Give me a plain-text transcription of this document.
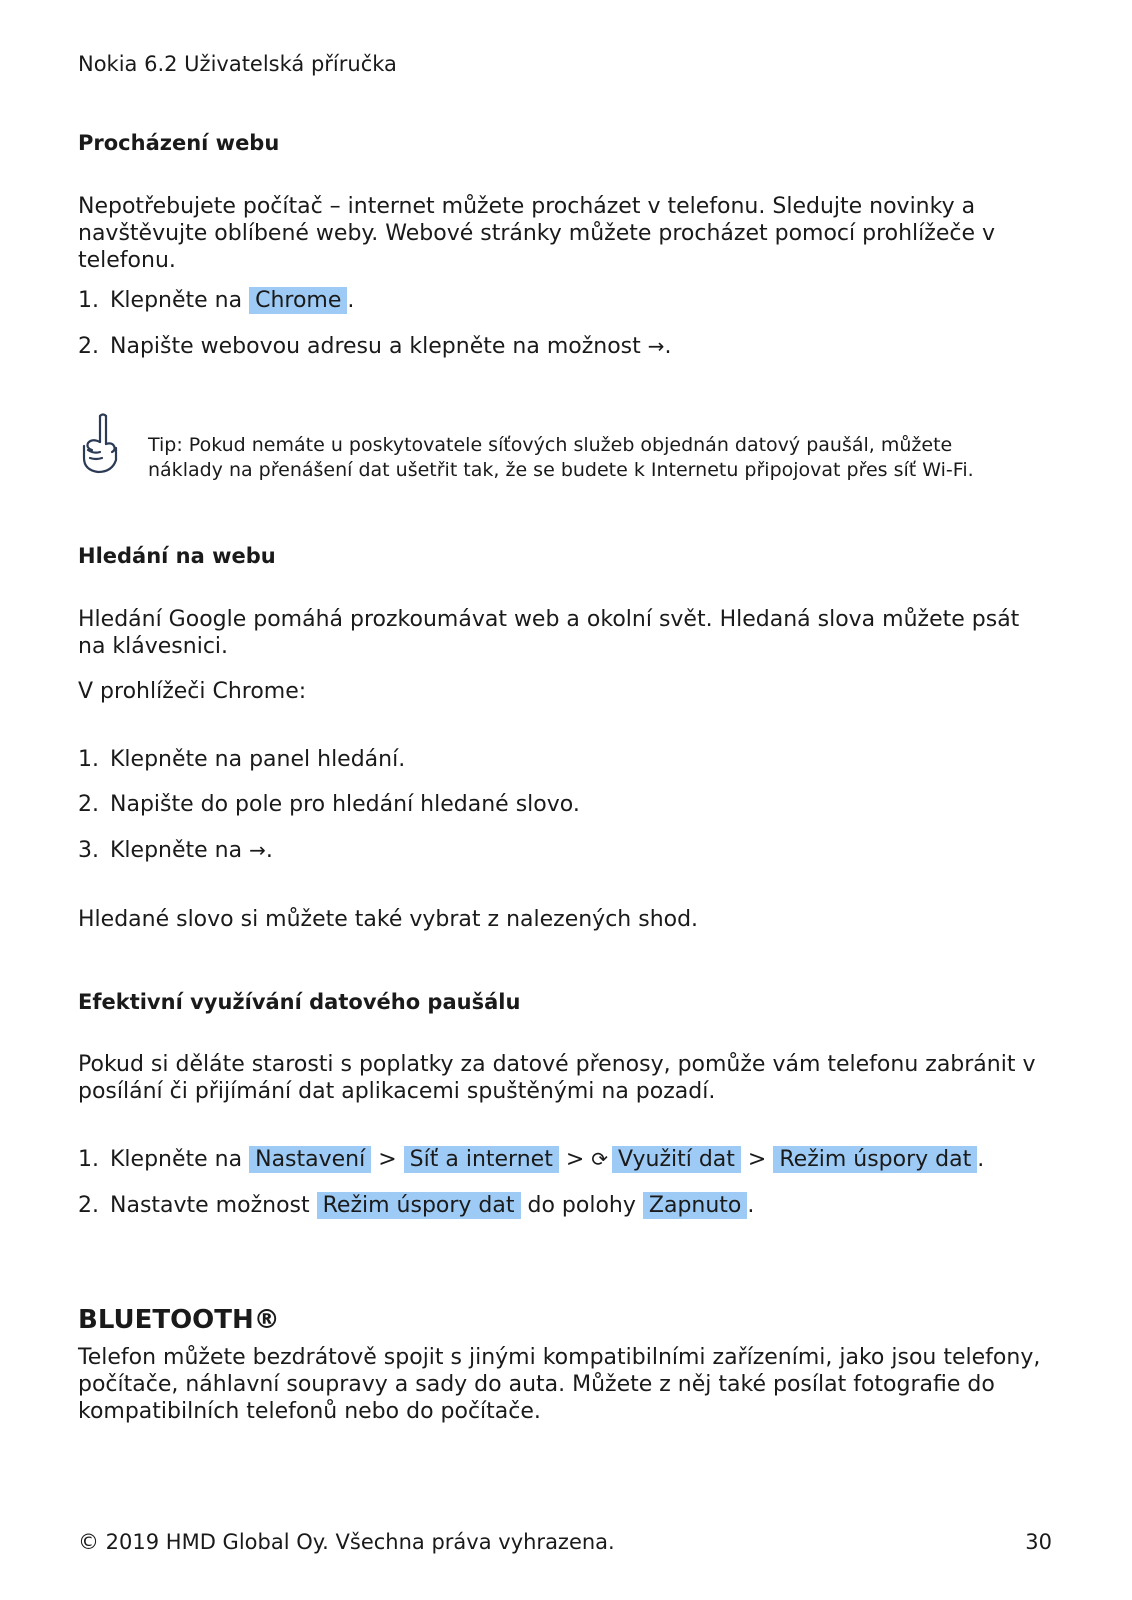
Nokia 6.2 Uživatelská příručka
Procházení webu
Nepotřebujete počítač – internet můžete procházet v telefonu. Sledujte novinky a navštěvujte oblíbené weby. Webové stránky můžete procházet pomocí prohlížeče v telefonu.
1. Klepněte na Chrome .
2. Napište webovou adresu a klepněte na možnost →.
Tip: Pokud nemáte u poskytovatele síťových služeb objednán datový paušál, můžete náklady na přenášení dat ušetřit tak, že se budete k Internetu připojovat přes síť Wi-Fi.
Hledání na webu
Hledání Google pomáhá prozkoumávat web a okolní svět. Hledaná slova můžete psát na klávesnici.
V prohlížeči Chrome:
1. Klepněte na panel hledání.
2. Napište do pole pro hledání hledané slovo.
3. Klepněte na →.
Hledané slovo si můžete také vybrat z nalezených shod.
Efektivní využívání datového paušálu
Pokud si děláte starosti s poplatky za datové přenosy, pomůže vám telefonu zabránit v posílání či přijímání dat aplikacemi spuštěnými na pozadí.
1. Klepněte na Nastavení > Síť a internet > ⟳ Využití dat > Režim úspory dat .
2. Nastavte možnost Režim úspory dat do polohy Zapnuto .
BLUETOOTH®
Telefon můžete bezdrátově spojit s jinými kompatibilními zařízeními, jako jsou telefony, počítače, náhlavní soupravy a sady do auta. Můžete z něj také posílat fotografie do kompatibilních telefonů nebo do počítače.
© 2019 HMD Global Oy. Všechna práva vyhrazena.	30
